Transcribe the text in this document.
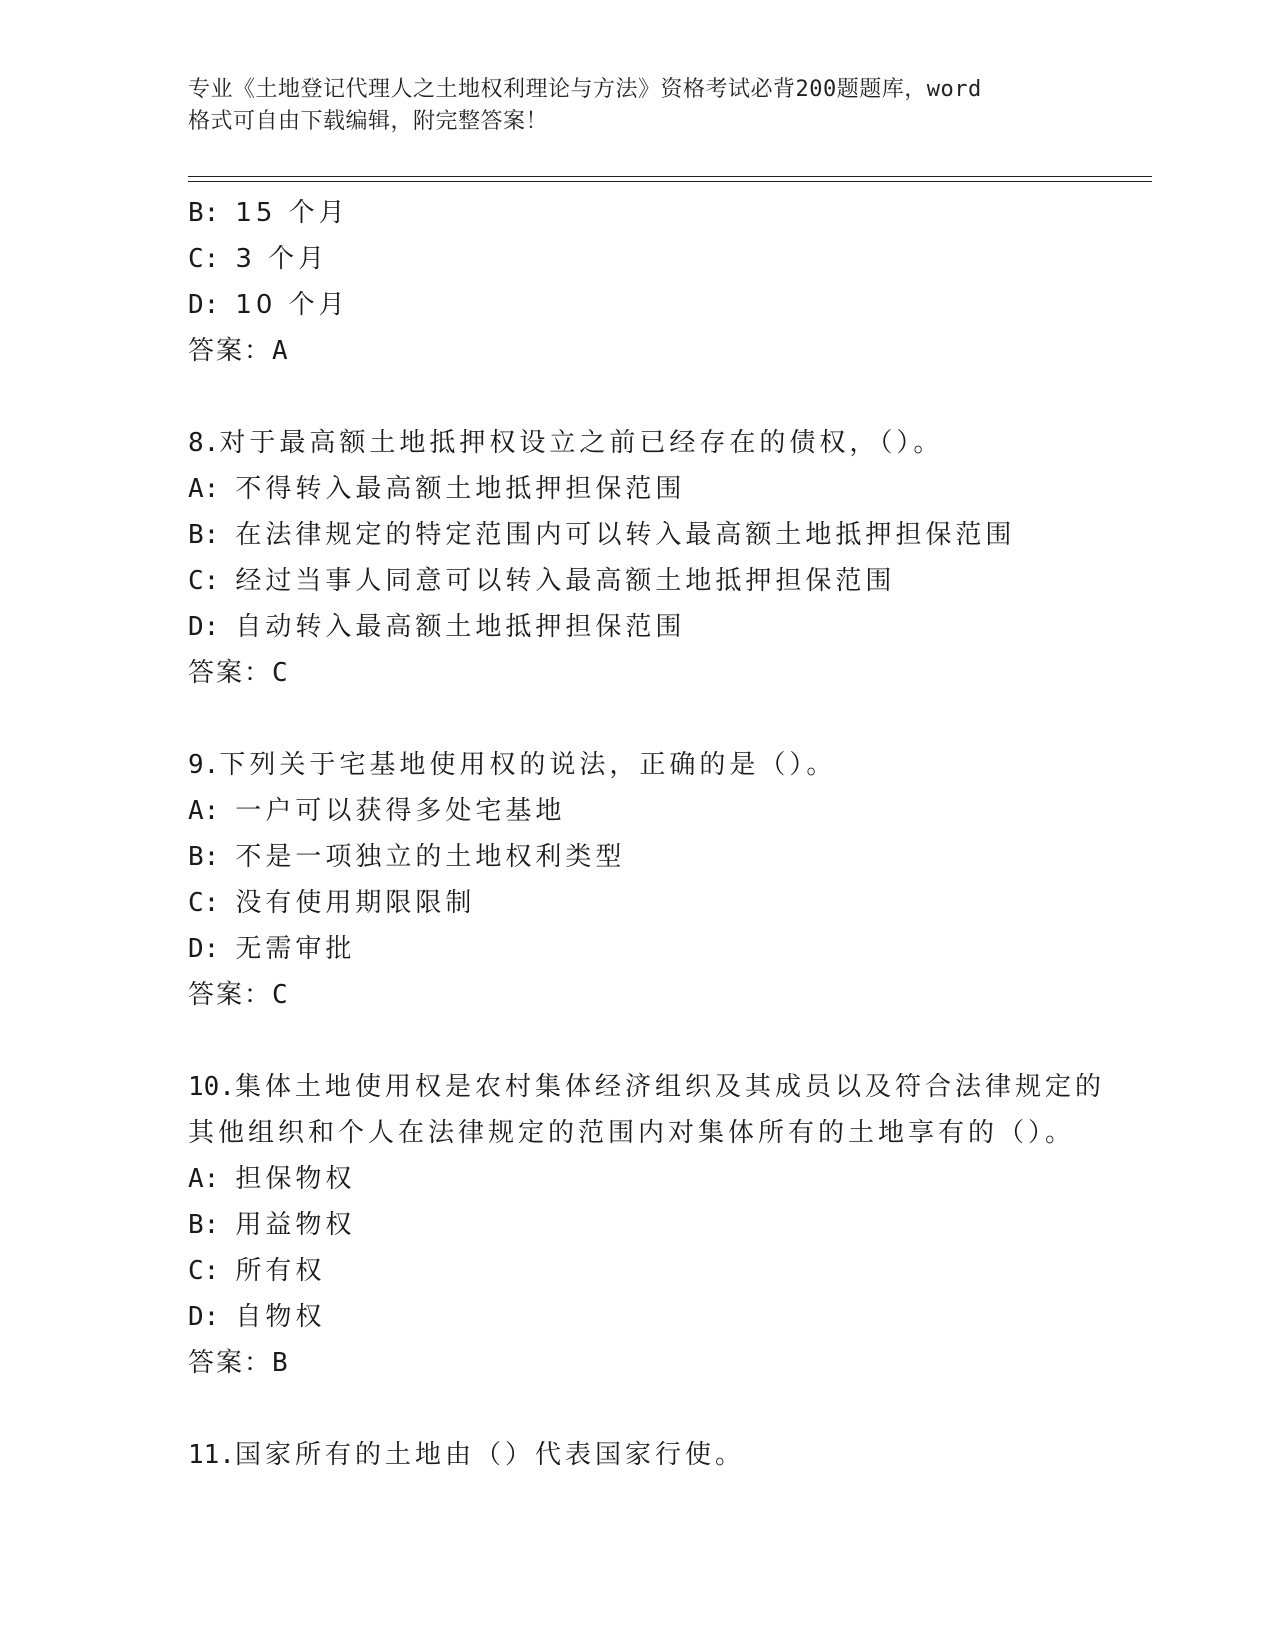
专业《土地登记代理人之土地权利理论与方法》资格考试必背200题题库，word
格式可自由下载编辑，附完整答案！
B: 15 个月
C: 3 个月
D: 10 个月
答案：A
8.对于最高额土地抵押权设立之前已经存在的债权，（）。
A: 不得转入最高额土地抵押担保范围
B: 在法律规定的特定范围内可以转入最高额土地抵押担保范围
C: 经过当事人同意可以转入最高额土地抵押担保范围
D: 自动转入最高额土地抵押担保范围
答案：C
9.下列关于宅基地使用权的说法，正确的是（）。
A: 一户可以获得多处宅基地
B: 不是一项独立的土地权利类型
C: 没有使用期限限制
D: 无需审批
答案：C
10.集体土地使用权是农村集体经济组织及其成员以及符合法律规定的
其他组织和个人在法律规定的范围内对集体所有的土地享有的（）。
A: 担保物权
B: 用益物权
C: 所有权
D: 自物权
答案：B
11.国家所有的土地由（）代表国家行使。
